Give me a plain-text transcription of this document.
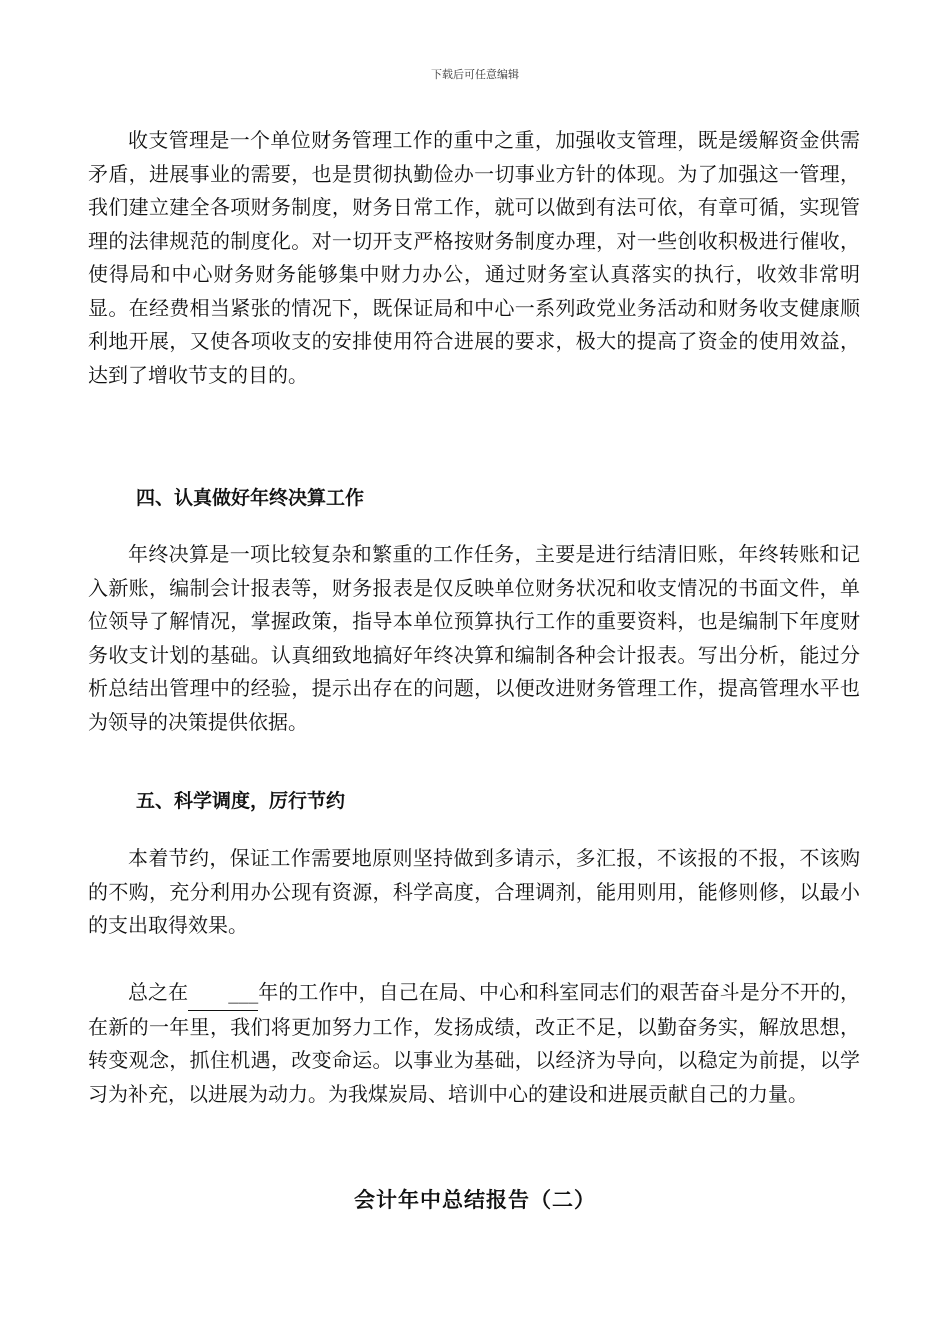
下载后可任意编辑

收支管理是一个单位财务管理工作的重中之重，加强收支管理，既是缓解资金供需矛盾，进展事业的需要，也是贯彻执勤俭办一切事业方针的体现。为了加强这一管理，我们建立建全各项财务制度，财务日常工作，就可以做到有法可依，有章可循，实现管理的法律规范的制度化。对一切开支严格按财务制度办理，对一些创收积极进行催收，使得局和中心财务财务能够集中财力办公，通过财务室认真落实的执行，收效非常明显。在经费相当紧张的情况下，既保证局和中心一系列政党业务活动和财务收支健康顺利地开展，又使各项收支的安排使用符合进展的要求，极大的提高了资金的使用效益，达到了增收节支的目的。

四、认真做好年终决算工作

年终决算是一项比较复杂和繁重的工作任务，主要是进行结清旧账，年终转账和记入新账，编制会计报表等，财务报表是仅反映单位财务状况和收支情况的书面文件，单位领导了解情况，掌握政策，指导本单位预算执行工作的重要资料，也是编制下年度财务收支计划的基础。认真细致地搞好年终决算和编制各种会计报表。写出分析，能过分析总结出管理中的经验，提示出存在的问题，以便改进财务管理工作，提高管理水平也为领导的决策提供依据。

五、科学调度，厉行节约

本着节约，保证工作需要地原则坚持做到多请示，多汇报，不该报的不报，不该购的不购，充分利用办公现有资源，科学高度，合理调剂，能用则用，能修则修，以最小的支出取得效果。

总之在 ___年的工作中，自己在局、中心和科室同志们的艰苦奋斗是分不开的，在新的一年里，我们将更加努力工作，发扬成绩，改正不足，以勤奋务实，解放思想，转变观念，抓住机遇，改变命运。以事业为基础，以经济为导向，以稳定为前提，以学习为补充，以进展为动力。为我煤炭局、培训中心的建设和进展贡献自己的力量。

会计年中总结报告（二）
